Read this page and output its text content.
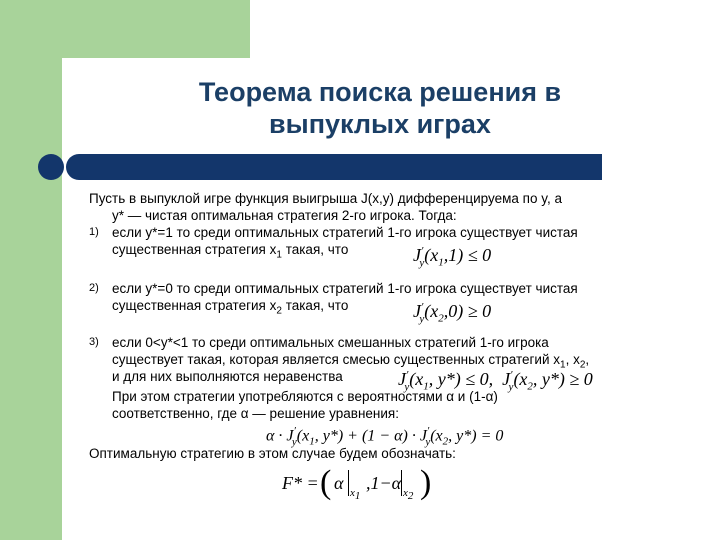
Теорема поиска решения в
выпуклых играх
Пусть в выпуклой игре функция выигрыша J(x,y) дифференцируема по y, а
y* — чистая оптимальная стратегия 2-го игрока. Тогда:
1) если y*=1 то среди оптимальных стратегий 1-го игрока существует чистая
существенная стратегия $x_1$ такая, что	$J'_y(x_1,1) \le 0$
2) если y*=0 то среди оптимальных стратегий 1-го игрока существует чистая
существенная стратегия $x_2$ такая, что	$J'_y(x_2,0) \ge 0$
3) если 0<y*<1 то среди оптимальных смешанных стратегий 1-го игрока
существует такая, которая является смесью существенных стратегий $x_1$, $x_2$,
и для них выполняются неравенства	$J'_y(x_1$, y*) ≤ 0,  $J'_y(x_2$, y*) ≥ 0
При этом стратегии употребляются с вероятностями α и (1-α)
соответственно, где α — решение уравнения:
$\alpha \cdot J'_y(x_1$, $y*) + (1 - \alpha) \cdot J'_y(x_2$, y*) = 0
Оптимальную стратегию в этом случае будем обозначать:
F* = ( α $x_1$
,1−α $x_2$ )
